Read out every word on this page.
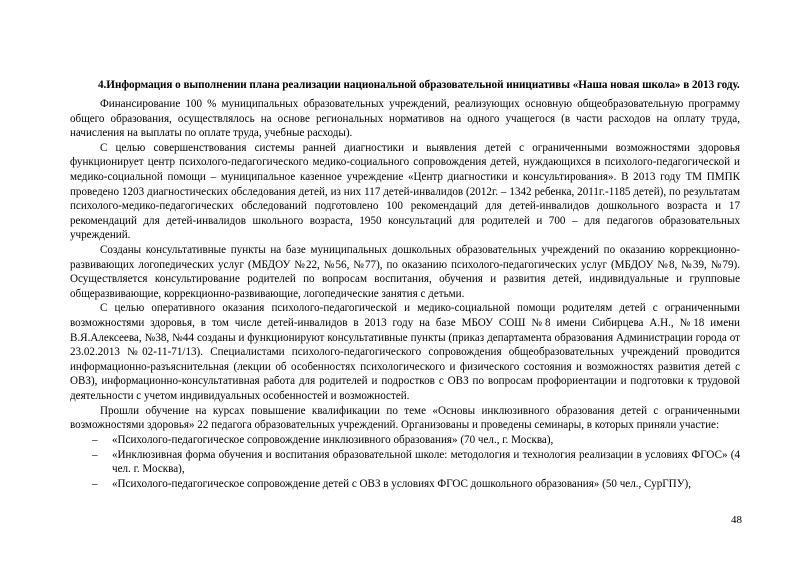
4.Информация о выполнении плана реализации национальной образовательной инициативы «Наша новая школа» в 2013 году.

Финансирование 100 % муниципальных образовательных учреждений, реализующих основную общеобразовательную программу общего образования, осуществлялось на основе региональных нормативов на одного учащегося (в части расходов на оплату труда, начисления на выплаты по оплате труда, учебные расходы).

С целью совершенствования системы ранней диагностики и выявления детей с ограниченными возможностями здоровья функционирует центр психолого-педагогического медико-социального сопровождения детей, нуждающихся в психолого-педагогической и медико-социальной помощи – муниципальное казенное учреждение «Центр диагностики и консультирования». В 2013 году ТМ ПМПК проведено 1203 диагностических обследования детей, из них 117 детей-инвалидов (2012г. – 1342 ребенка, 2011г.-1185 детей), по результатам психолого-медико-педагогических обследований подготовлено 100 рекомендаций для детей-инвалидов дошкольного возраста и 17 рекомендаций для детей-инвалидов школьного возраста, 1950 консультаций для родителей и 700 – для педагогов образовательных учреждений.

Созданы консультативные пункты на базе муниципальных дошкольных образовательных учреждений по оказанию коррекционно-развивающих логопедических услуг (МБДОУ №22, №56, №77), по оказанию психолого-педагогических услуг (МБДОУ №8, №39, №79). Осуществляется консультирование родителей по вопросам воспитания, обучения и развития детей, индивидуальные и групповые общеразвивающие, коррекционно-развивающие, логопедические занятия с детьми.

С целью оперативного оказания психолого-педагогической и медико-социальной помощи родителям детей с ограниченными возможностями здоровья, в том числе детей-инвалидов в 2013 году на базе МБОУ СОШ №8 имени Сибирцева А.Н., №18 имени В.Я.Алексеева, №38, №44 созданы и функционируют консультативные пункты (приказ департамента образования Администрации города от 23.02.2013 №02-11-71/13). Специалистами психолого-педагогического сопровождения общеобразовательных учреждений проводится информационно-разъяснительная (лекции об особенностях психологического и физического состояния и возможностях развития детей с ОВЗ), информационно-консультативная работа для родителей и подростков с ОВЗ по вопросам профориентации и подготовки к трудовой деятельности с учетом индивидуальных особенностей и возможностей.

Прошли обучение на курсах повышение квалификации по теме «Основы инклюзивного образования детей с ограниченными возможностями здоровья» 22 педагога образовательных учреждений. Организованы и проведены семинары, в которых приняли участие:

– «Психолого-педагогическое сопровождение инклюзивного образования» (70 чел., г. Москва),
– «Инклюзивная форма обучения и воспитания образовательной школе: методология и технология реализации в условиях ФГОС» (4 чел. г. Москва),
– «Психолого-педагогическое сопровождение детей с ОВЗ в условиях ФГОС дошкольного образования» (50 чел., СурГПУ),
48
